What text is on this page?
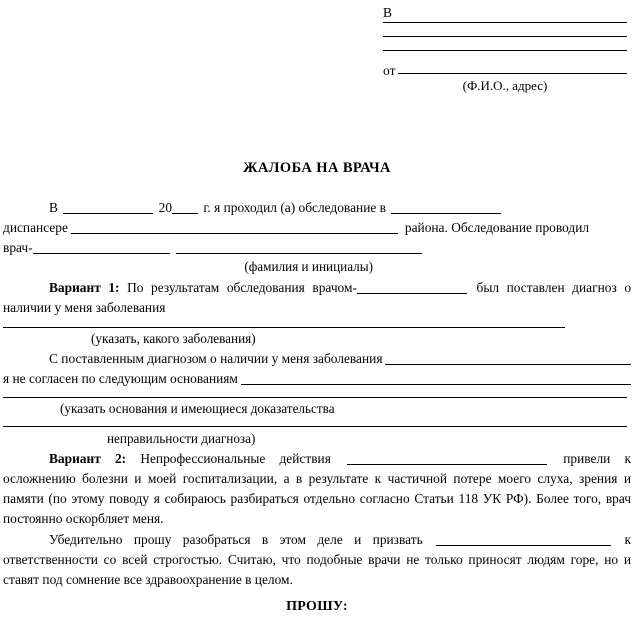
В
от
(Ф.И.О., адрес)
ЖАЛОБА НА ВРАЧА
В	20 г. я проходил (а) обследование в
диспансере	района. Обследование проводил
врач-
(фамилия и инициалы)
Вариант 1: По результатам обследования врачом-	был поставлен диагноз о наличии у меня заболевания
(указать, какого заболевания)
С поставленным диагнозом о наличии у меня заболевания
я не согласен по следующим основаниям
(указать основания и имеющиеся доказательства
неправильности диагноза)
Вариант 2: Непрофессиональные действия	привели к осложнению болезни и моей госпитализации, а в результате к частичной потере моего слуха, зрения и памяти (по этому поводу я собираюсь разбираться отдельно согласно Статьи 118 УК РФ). Более того, врач постоянно оскорбляет меня.
Убедительно прошу разобраться в этом деле и призвать	к ответственности со всей строгостью. Считаю, что подобные врачи не только приносят людям горе, но и ставят под сомнение все здравоохранение в целом.
ПРОШУ:
